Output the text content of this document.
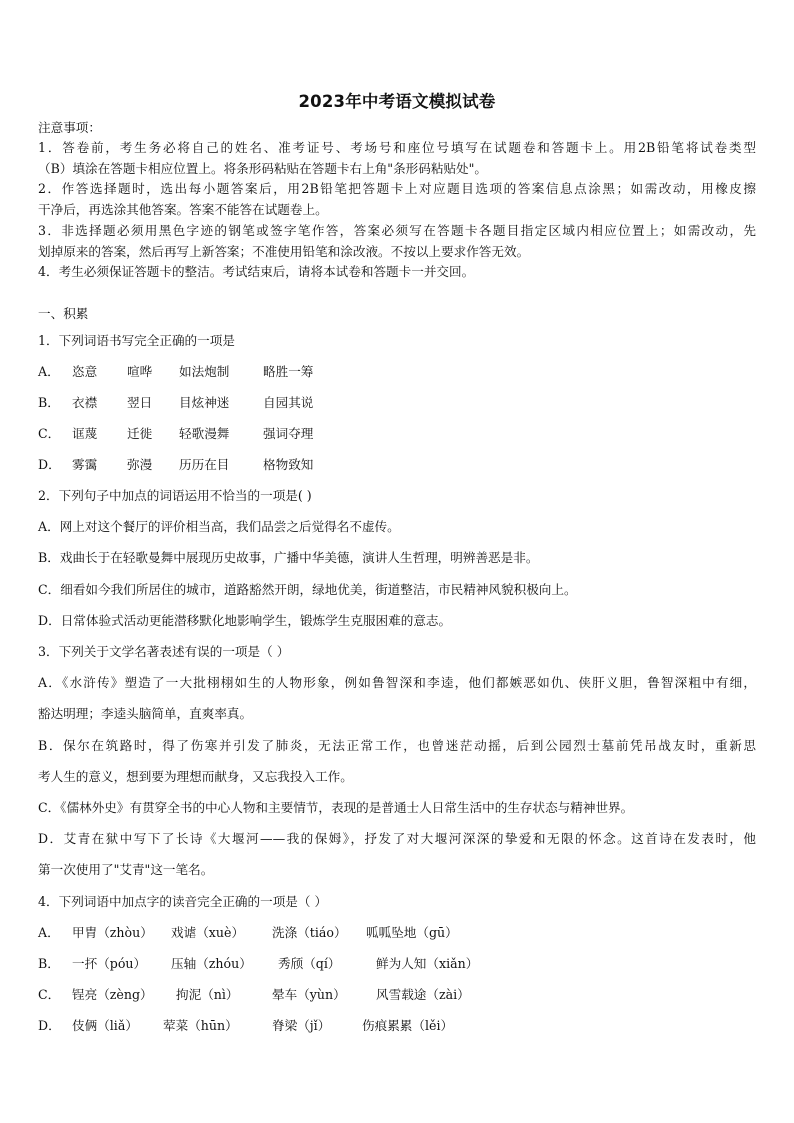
2023年中考语文模拟试卷
注意事项：
1．答卷前，考生务必将自己的姓名、准考证号、考场号和座位号填写在试题卷和答题卡上。用2B铅笔将试卷类型
（B）填涂在答题卡相应位置上。将条形码粘贴在答题卡右上角"条形码粘贴处"。
2．作答选择题时，选出每小题答案后，用2B铅笔把答题卡上对应题目选项的答案信息点涂黑；如需改动，用橡皮擦
干净后，再选涂其他答案。答案不能答在试题卷上。
3．非选择题必须用黑色字迹的钢笔或签字笔作答，答案必须写在答题卡各题目指定区域内相应位置上；如需改动，先
划掉原来的答案，然后再写上新答案；不准使用铅笔和涂改液。不按以上要求作答无效。
4．考生必须保证答题卡的整洁。考试结束后，请将本试卷和答题卡一并交回。
一、积累
1．下列词语书写完全正确的一项是
A． 恣意 喧哗 如法炮制	略胜一筹
B． 衣襟 翌日 目炫神迷	自园其说
C． 诓蔑 迁徙 轻歌漫舞	强词夺理
D． 雾霭 弥漫 历历在目	格物致知
2．下列句子中加点的词语运用不恰当的一项是( )
A．网上对这个餐厅的评价相当高，我们品尝之后觉得名不虚传。
B．戏曲长于在轻歌曼舞中展现历史故事，广播中华美德，演讲人生哲理，明辨善恶是非。
C．细看如今我们所居住的城市，道路豁然开朗，绿地优美，街道整洁，市民精神风貌积极向上。
D．日常体验式活动更能潜移默化地影响学生，锻炼学生克服困难的意志。
3．下列关于文学名著表述有误的一项是（ ）
A．《水浒传》塑造了一大批栩栩如生的人物形象，例如鲁智深和李逵，他们都嫉恶如仇、侠肝义胆，鲁智深粗中有细，
豁达明理；李逵头脑简单，直爽率真。
B．保尔在筑路时，得了伤寒并引发了肺炎，无法正常工作，也曾迷茫动摇，后到公园烈士墓前凭吊战友时，重新思
考人生的意义，想到要为理想而献身，又忘我投入工作。
C．《儒林外史》有贯穿全书的中心人物和主要情节，表现的是普通士人日常生活中的生存状态与精神世界。
D．艾青在狱中写下了长诗《大堰河——我的保姆》，抒发了对大堰河深深的挚爱和无限的怀念。这首诗在发表时，他
第一次使用了"艾青"这一笔名。
4．下列词语中加点字的读音完全正确的一项是（ ）
A． 甲胄（zhòu） 戏谑（xuè） 洗涤（tiáo） 呱呱坠地（gū）
B． 一抔（póu） 压轴（zhóu） 秀颀（qí）	鲜为人知（xiǎn）
C． 锃亮（zèng） 拘泥（nì）	晕车（yùn） 风雪载途（zài）
D． 伎俩（liǎ） 荤菜（hūn）	脊梁（jǐ）	伤痕累累（lěi）
